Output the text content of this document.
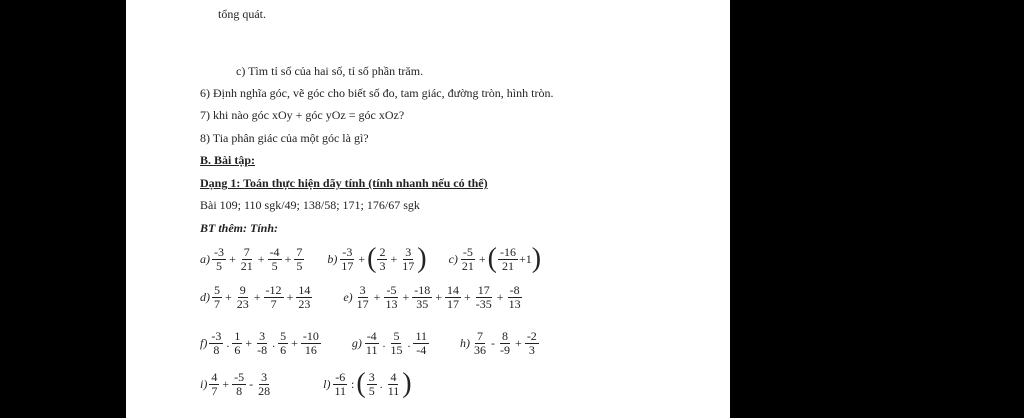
tổng quát.
c) Tìm tỉ số của hai số, tỉ số phần trăm.
6) Định nghĩa góc, vẽ góc cho biết số đo, tam giác, đường tròn, hình tròn.
7) khi nào góc xOy + góc yOz = góc xOz?
8) Tia phân giác của một góc là gì?
B. Bài tập:
Dạng 1: Toán thực hiện dãy tính (tính nhanh nếu có thể)
Bài 109; 110 sgk/49; 138/58; 171; 176/67 sgk
BT thêm: Tính:
$a) \frac{-3}{5} + \frac{7}{21} + \frac{-4}{5} + \frac{7}{5} b) \frac{-3}{17}$ + ( $\frac{2}{3} + \frac{3}{17}$ ) $c) \frac{-5}{21}$ + ( $\frac{-16}{21} +1$ )
$d) \frac{5}{7} + \frac{9}{23} + \frac{-12}{7} + \frac{14}{23}$	$e) \frac{3}{17} + \frac{-5}{13} + \frac{-18}{35} + \frac{14}{17} + \frac{17}{-35} + \frac{-8}{13}$
$f) \frac{-3}{8}$ . $\frac{1}{6} + \frac{3}{-8}$ . $\frac{5}{6} + \frac{-10}{16}$	$g) \frac{-4}{11}$ . $\frac{5}{15}$ . $\frac{11}{-4}$	$h) \frac{7}{36} - \frac{8}{-9} + \frac{-2}{3}$
$i) \frac{4}{7} + \frac{-5}{8} - \frac{3}{28}$	$l) \frac{-6}{11}$ : ( $\frac{3}{5}$ . $\frac{4}{11}$ )
